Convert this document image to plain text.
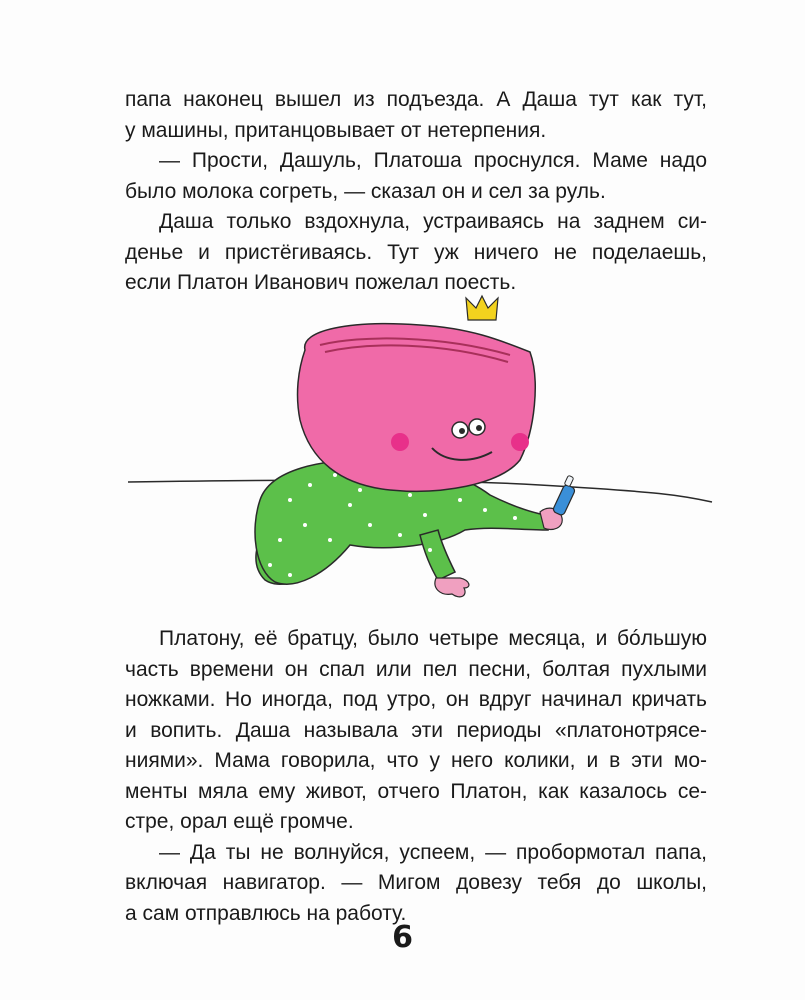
папа наконец вышел из подъезда. А Даша тут как тут,

у машины, пританцовывает от нетерпения.

— Прости, Дашуль, Платоша проснулся. Маме надо

было молока согреть, — сказал он и сел за руль.

Даша только вздохнула, устраиваясь на заднем си-

денье и пристёгиваясь. Тут уж ничего не поделаешь,

если Платон Иванович пожелал поесть.

Платону, её братцу, было четыре месяца, и бóльшую

часть времени он спал или пел песни, болтая пухлыми

ножками. Но иногда, под утро, он вдруг начинал кричать

и вопить. Даша называла эти периоды «платонотрясе-

ниями». Мама говорила, что у него колики, и в эти мо-

менты мяла ему живот, отчего Платон, как казалось се-

стре, орал ещё громче.

— Да ты не волнуйся, успеем, — пробормотал папа,

включая навигатор. — Мигом довезу тебя до школы,

а сам отправлюсь на работу.

6
